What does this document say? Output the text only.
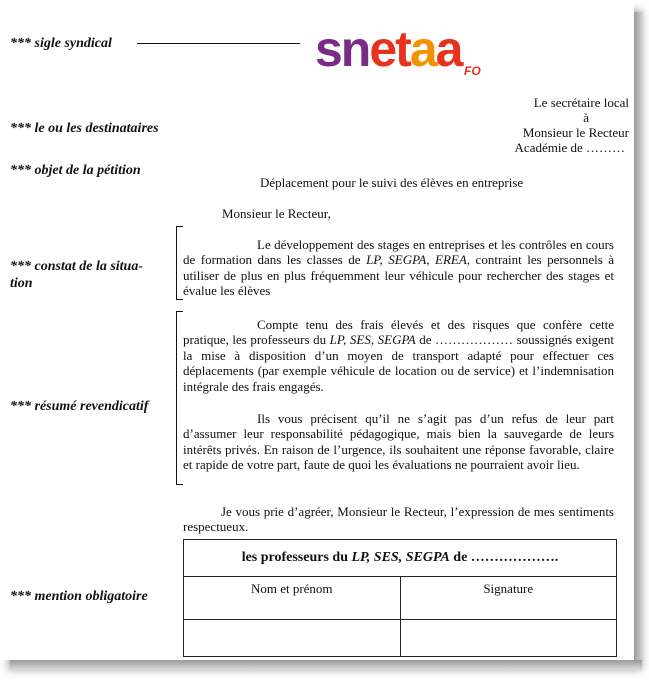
*** sigle syndical
*** le ou les destinataires
*** objet de la pétition
*** constat de la situa-
tion
*** résumé revendicatif
*** mention obligatoire
snetaa FO
Le secrétaire local
à
Monsieur le Recteur
Académie de ………
Déplacement pour le suivi des élèves en entreprise
Monsieur le Recteur,
Le développement des stages en entreprises et les contrôles en cours de formation dans les classes de LP, SEGPA, EREA, contraint les personnels à utiliser de plus en plus fréquemment leur véhicule pour rechercher des stages et évalue les élèves
Compte tenu des frais élevés et des risques que confère cette pratique, les professeurs du LP, SES, SEGPA de ……………… soussignés exigent la mise à disposition d’un moyen de transport adapté pour effectuer ces déplacements (par exemple véhicule de location ou de service) et l’indemnisation intégrale des frais engagés.
Ils vous précisent qu’il ne s’agit pas d’un refus de leur part d’assumer leur responsabilité pédagogique, mais bien la sauvegarde de leurs intérêts privés. En raison de l’urgence, ils souhaitent une réponse favorable, claire et rapide de votre part, faute de quoi les évaluations ne pourraient avoir lieu.
Je vous prie d’agréer, Monsieur le Recteur, l’expression de mes sentiments respectueux.
les professeurs du LP, SES, SEGPA de ……………….	
Nom et prénom	Signature
